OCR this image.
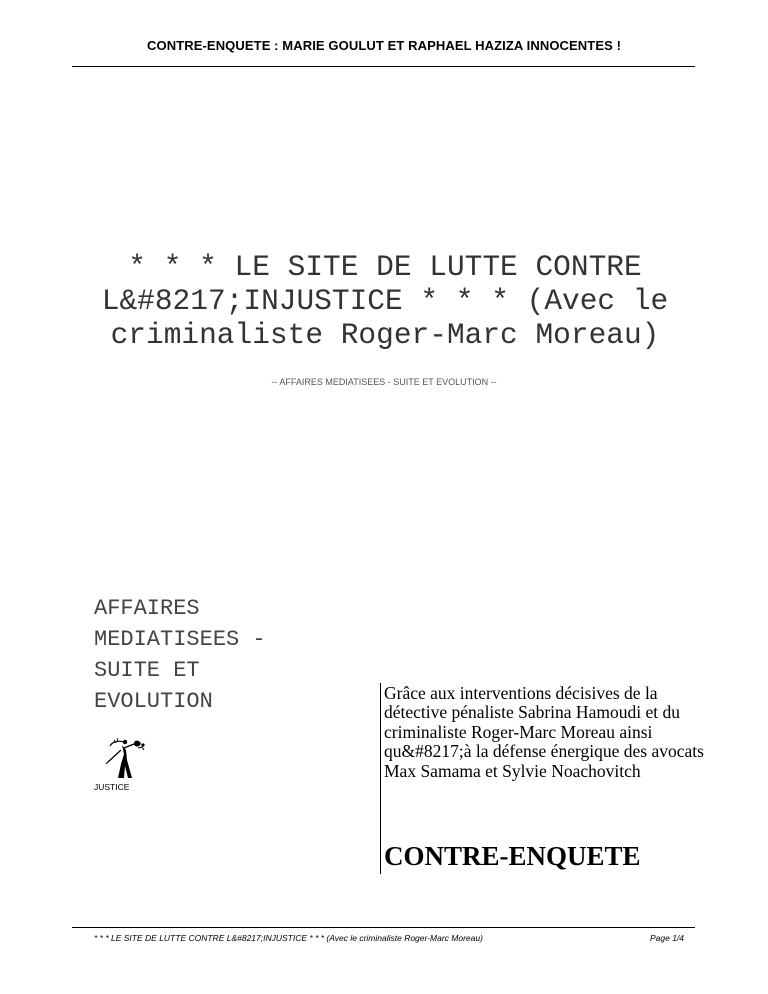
CONTRE-ENQUETE : MARIE GOULUT ET RAPHAEL HAZIZA INNOCENTES !
* * * LE SITE DE LUTTE CONTRE L&#8217;INJUSTICE * * * (Avec le criminaliste Roger-Marc Moreau)
-- AFFAIRES MEDIATISEES - SUITE ET EVOLUTION --
AFFAIRES MEDIATISEES - SUITE ET EVOLUTION
JUSTICE
Grâce aux interventions décisives de la détective pénaliste Sabrina Hamoudi et du criminaliste Roger-Marc Moreau ainsi qu&#8217;à la défense énergique des avocats Max Samama et Sylvie Noachovitch
CONTRE-ENQUETE
* * * LE SITE DE LUTTE CONTRE L&#8217;INJUSTICE * * * (Avec le criminaliste Roger-Marc Moreau)	Page 1/4
